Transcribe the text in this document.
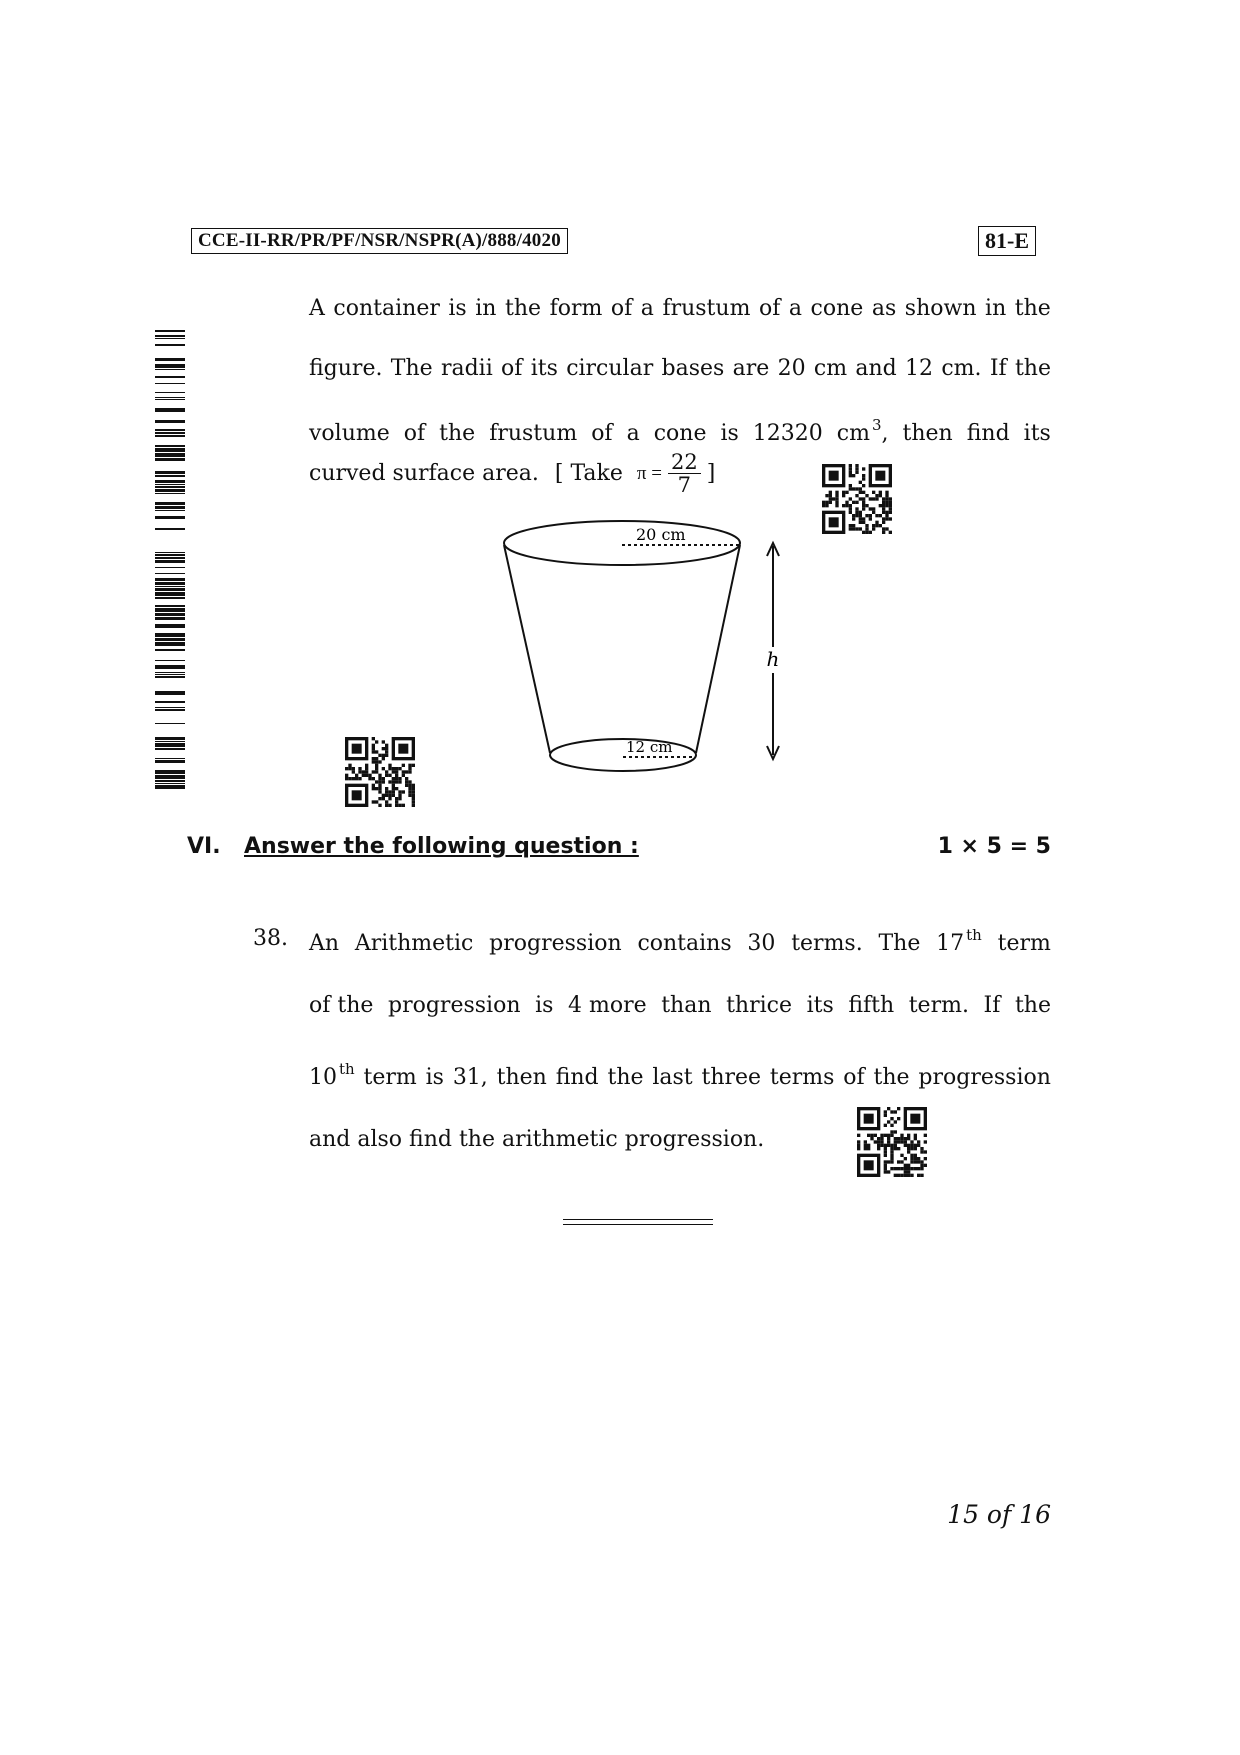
CCE-II-RR/PR/PF/NSR/NSPR(A)/888/4020	81-E
A container is in the form of a frustum of a cone as shown in the
figure. The radii of its circular bases are 20 cm and 12 cm. If the
volume of the frustum of a cone is 12320 cm $^3$, then find its
curved surface area. [ Take $\pi = \frac{22}{7}$ ]
20 cm
12 cm
h
VI.	Answer the following question :	1 × 5 = 5
38. An Arithmetic progression contains 30 terms. The 17 $^{th}$ term
of the progression is 4 more than thrice its fifth term. If the
10 $^{th}$ term is 31, then find the last three terms of the progression
and also find the arithmetic progression.
15 of 16
